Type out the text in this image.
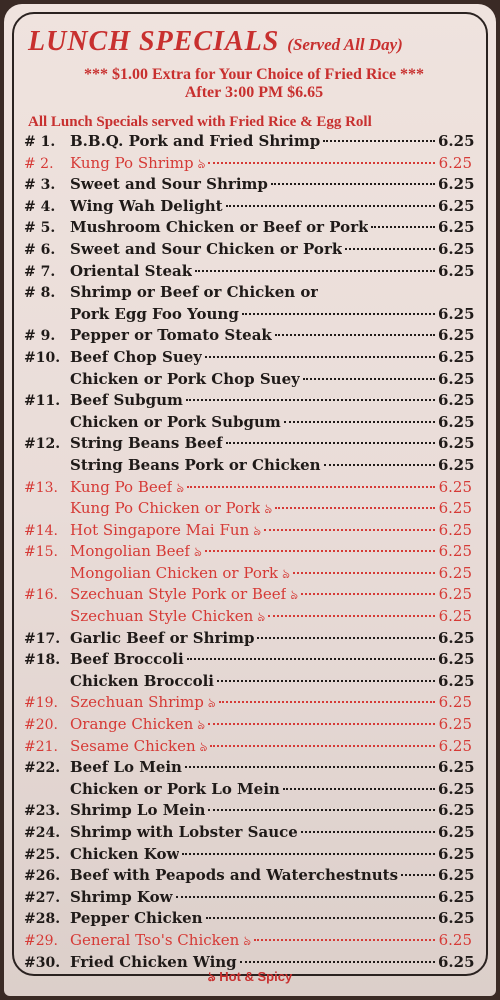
LUNCH SPECIALS (Served All Day)
*** $1.00 Extra for Your Choice of Fried Rice ***
After 3:00 PM $6.65
All Lunch Specials served with Fried Rice & Egg Roll
# 1. B.B.Q. Pork and Fried Shrimp	6.25
# 2.	Kung Po Shrimp ঌ	6.25
# 3. Sweet and Sour Shrimp	6.25
# 4. Wing Wah Delight	6.25
# 5. Mushroom Chicken or Beef or Pork	6.25
# 6. Sweet and Sour Chicken or Pork	6.25
# 7. Oriental Steak	6.25
# 8. Shrimp or Beef or Chicken or
Pork Egg Foo Young	6.25
# 9. Pepper or Tomato Steak	6.25
#10. Beef Chop Suey	6.25
Chicken or Pork Chop Suey	6.25
#11. Beef Subgum	6.25
Chicken or Pork Subgum	6.25
#12. String Beans Beef	6.25
String Beans Pork or Chicken	6.25
#13. Kung Po Beef ঌ	6.25
Kung Po Chicken or Pork ঌ	6.25
#14. Hot Singapore Mai Fun ঌ	6.25
#15. Mongolian Beef ঌ	6.25
Mongolian Chicken or Pork ঌ	6.25
#16. Szechuan Style Pork or Beef ঌ	6.25
Szechuan Style Chicken ঌ	6.25
#17. Garlic Beef or Shrimp	6.25
#18. Beef Broccoli	6.25
Chicken Broccoli	6.25
#19. Szechuan Shrimp ঌ	6.25
#20. Orange Chicken ঌ	6.25
#21. Sesame Chicken ঌ	6.25
#22. Beef Lo Mein	6.25
Chicken or Pork Lo Mein	6.25
#23. Shrimp Lo Mein	6.25
#24. Shrimp with Lobster Sauce	6.25
#25. Chicken Kow	6.25
#26. Beef with Peapods and Waterchestnuts	6.25
#27. Shrimp Kow	6.25
#28. Pepper Chicken	6.25
#29. General Tso's Chicken ঌ	6.25
#30. Fried Chicken Wing	6.25
ঌ Hot & Spicy
